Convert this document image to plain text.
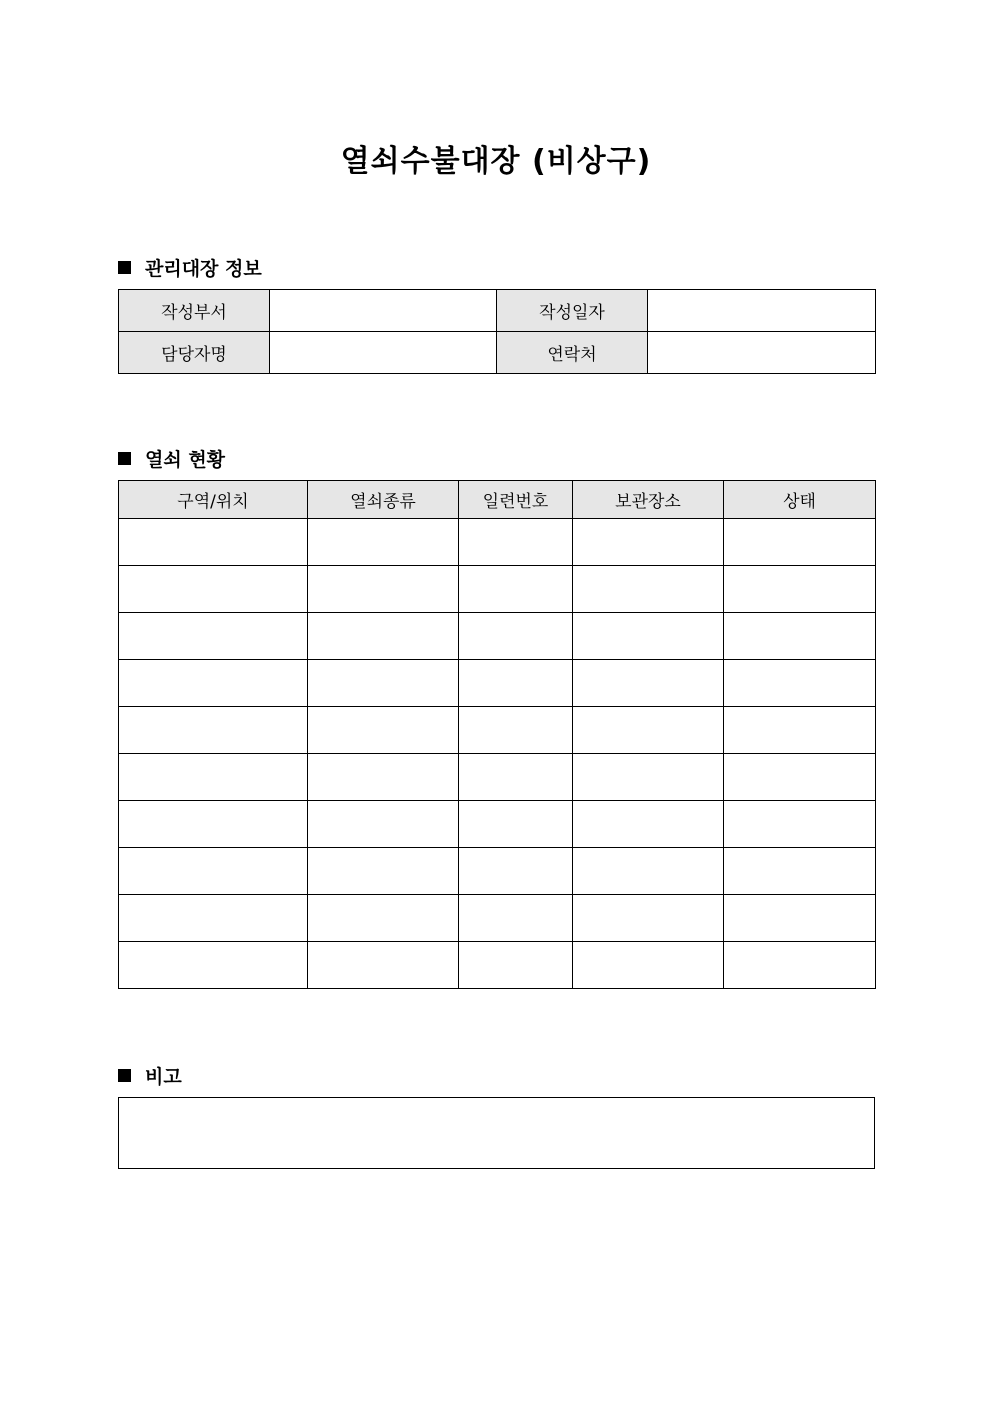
열쇠수불대장 (비상구)
관리대장 정보
작성부서		작성일자	
담당자명		연락처	
열쇠 현황
구역/위치	열쇠종류	일련번호	보관장소	상태

비고
